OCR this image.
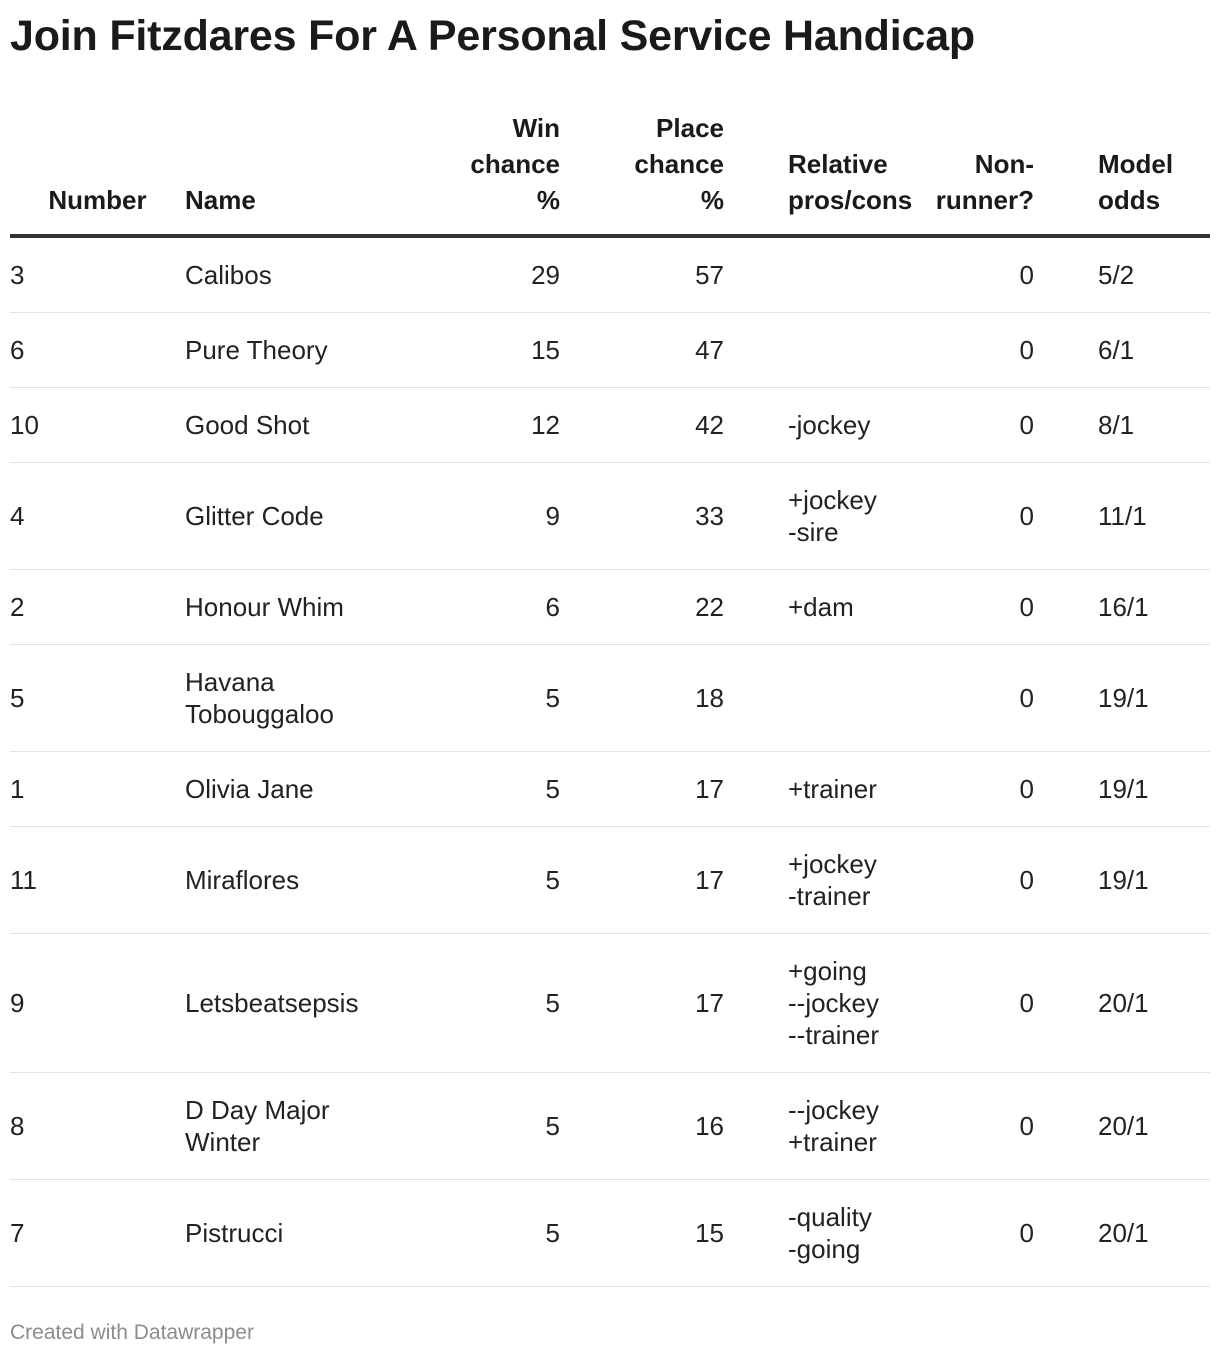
Join Fitzdares For A Personal Service Handicap
Number	Name	Win
chance
%	Place
chance
%	Relative
pros/cons	Non-
runner?	Model
odds

3	Calibos	29	57		0	5/2
6	Pure Theory	15	47		0	6/1
10	Good Shot	12	42	-jockey	0	8/1
4	Glitter Code	9	33	+jockey
-sire	0	11/1
2	Honour Whim	6	22	+dam	0	16/1
5	Havana
Tobouggaloo	5	18		0	19/1
1	Olivia Jane	5	17	+trainer	0	19/1
11	Miraflores	5	17	+jockey
-trainer	0	19/1
9	Letsbeatsepsis	5	17	+going
--jockey
--trainer	0	20/1
8	D Day Major
Winter	5	16	--jockey
+trainer	0	20/1
7	Pistrucci	5	15	-quality
-going	0	20/1
Created with Datawrapper
